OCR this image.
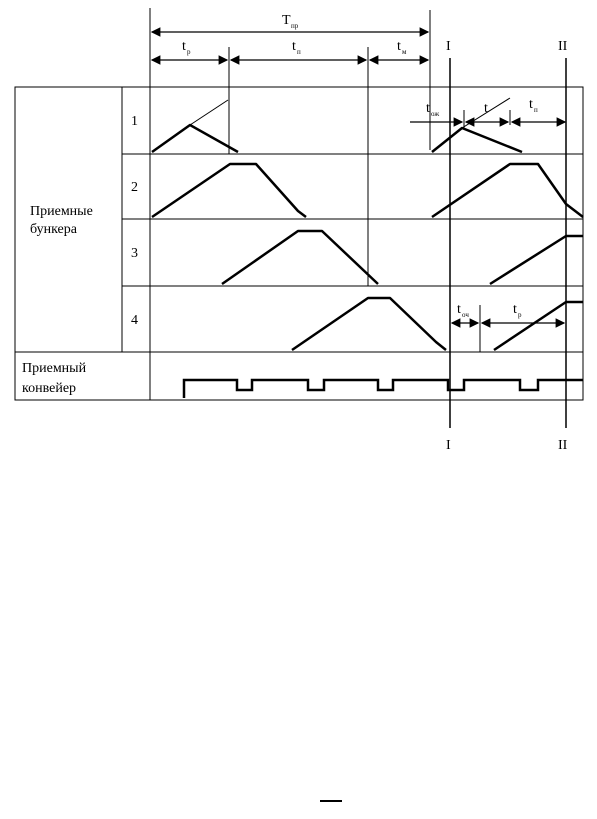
T пр
t р	t п	t м
t ож	t	t п
t оч	t р
I	II
I	II
Приемные
бункера
Приемный
конвейер
1
2
3
4
